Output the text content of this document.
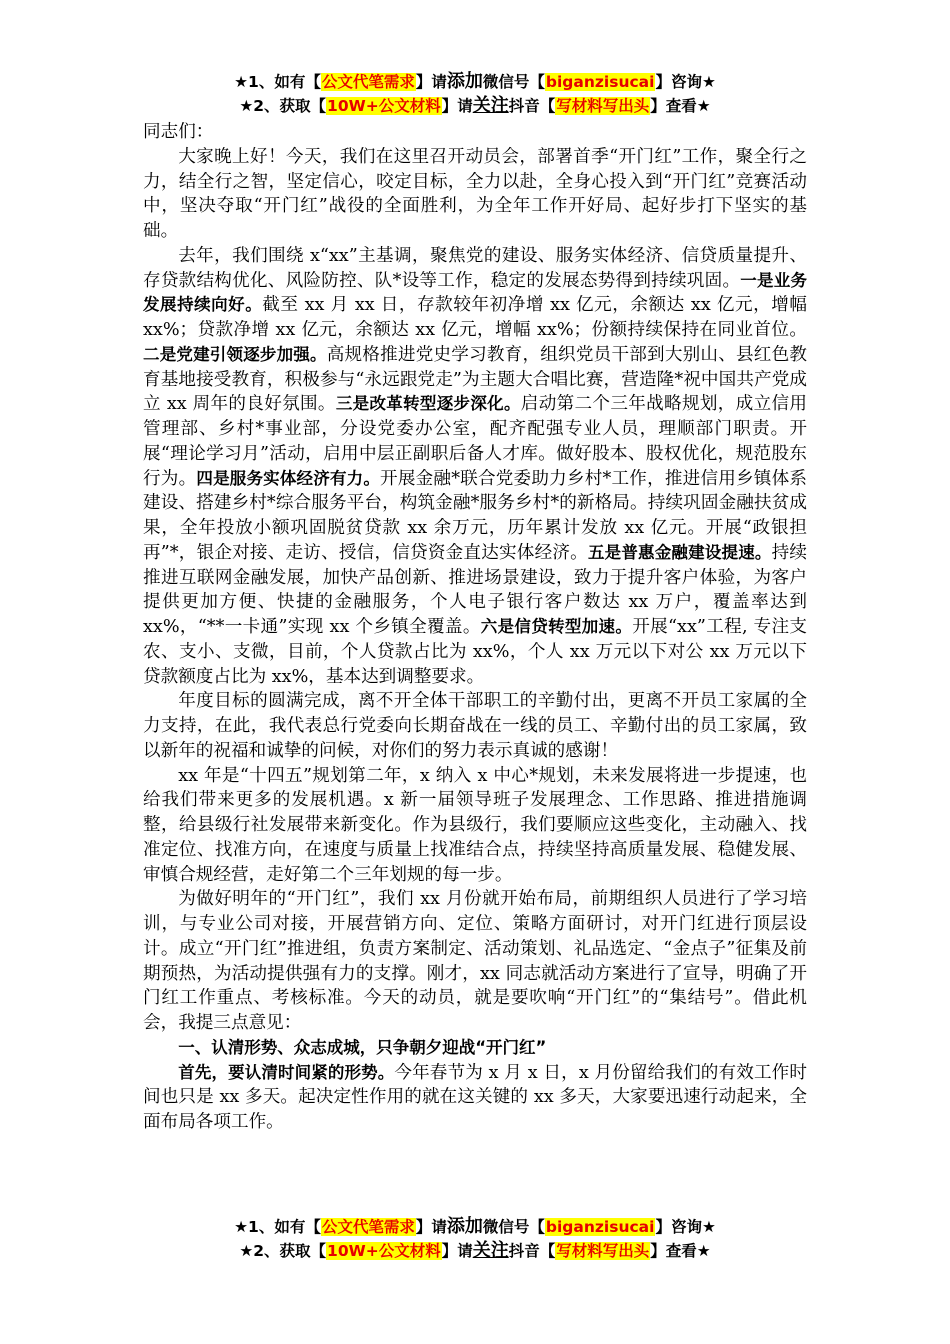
★1、如有【公文代笔需求】请添加微信号【biganzisucai】咨询★
★2、获取【10W+公文材料】请关注抖音【写材料写出头】查看★

同志们：

大家晚上好！今天，我们在这里召开动员会，部署首季“开门红”工作，聚全行之力，结全行之智，坚定信心，咬定目标，全力以赴，全身心投入到“开门红”竞赛活动中，坚决夺取“开门红”战役的全面胜利，为全年工作开好局、起好步打下坚实的基础。

去年，我们围绕 x“xx”主基调，聚焦党的建设、服务实体经济、信贷质量提升、存贷款结构优化、风险防控、队*设等工作，稳定的发展态势得到持续巩固。一是业务发展持续向好。截至 xx 月 xx 日，存款较年初净增 xx 亿元，余额达 xx 亿元，增幅 xx%；贷款净增 xx 亿元，余额达 xx 亿元，增幅 xx%；份额持续保持在同业首位。二是党建引领逐步加强。高规格推进党史学习教育，组织党员干部到大别山、县红色教育基地接受教育，积极参与“永远跟党走”为主题大合唱比赛，营造隆*祝中国共产党成立 xx 周年的良好氛围。三是改革转型逐步深化。启动第二个三年战略规划，成立信用管理部、乡村*事业部，分设党委办公室，配齐配强专业人员，理顺部门职责。开展“理论学习月”活动，启用中层正副职后备人才库。做好股本、股权优化，规范股东行为。四是服务实体经济有力。开展金融*联合党委助力乡村*工作，推进信用乡镇体系建设、搭建乡村*综合服务平台，构筑金融*服务乡村*的新格局。持续巩固金融扶贫成果，全年投放小额巩固脱贫贷款 xx 余万元，历年累计发放 xx 亿元。开展“政银担再”*，银企对接、走访、授信，信贷资金直达实体经济。五是普惠金融建设提速。持续推进互联网金融发展，加快产品创新、推进场景建设，致力于提升客户体验，为客户提供更加方便、快捷的金融服务，个人电子银行客户数达 xx 万户，覆盖率达到 xx%，“**一卡通”实现 xx 个乡镇全覆盖。六是信贷转型加速。开展“xx”工程, 专注支农、支小、支微，目前，个人贷款占比为 xx%，个人 xx 万元以下对公 xx 万元以下贷款额度占比为 xx%，基本达到调整要求。

年度目标的圆满完成，离不开全体干部职工的辛勤付出，更离不开员工家属的全力支持，在此，我代表总行党委向长期奋战在一线的员工、辛勤付出的员工家属，致以新年的祝福和诚挚的问候，对你们的努力表示真诚的感谢！

xx 年是“十四五”规划第二年，x 纳入 x 中心*规划，未来发展将进一步提速，也给我们带来更多的发展机遇。x 新一届领导班子发展理念、工作思路、推进措施调整，给县级行社发展带来新变化。作为县级行，我们要顺应这些变化，主动融入、找准定位、找准方向，在速度与质量上找准结合点，持续坚持高质量发展、稳健发展、审慎合规经营，走好第二个三年划规的每一步。

为做好明年的“开门红”，我们 xx 月份就开始布局，前期组织人员进行了学习培训，与专业公司对接，开展营销方向、定位、策略方面研讨，对开门红进行顶层设计。成立“开门红”推进组，负责方案制定、活动策划、礼品选定、“金点子”征集及前期预热，为活动提供强有力的支撑。刚才，xx 同志就活动方案进行了宣导，明确了开门红工作重点、考核标准。今天的动员，就是要吹响“开门红”的“集结号”。借此机会，我提三点意见：

一、认清形势、众志成城，只争朝夕迎战“开门红”

首先，要认清时间紧的形势。今年春节为 x 月 x 日，x 月份留给我们的有效工作时间也只是 xx 多天。起决定性作用的就在这关键的 xx 多天，大家要迅速行动起来，全面布局各项工作。

★1、如有【公文代笔需求】请添加微信号【biganzisucai】咨询★
★2、获取【10W+公文材料】请关注抖音【写材料写出头】查看★
